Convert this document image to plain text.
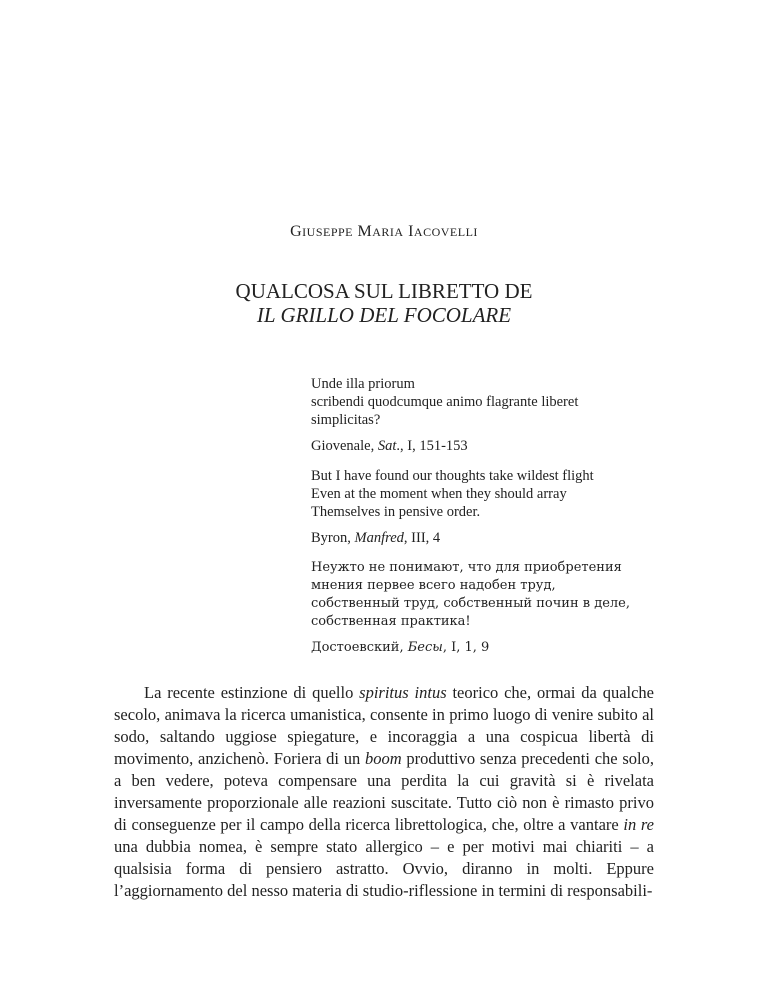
GIUSEPPE MARIA IACOVELLI
QUALCOSA SUL LIBRETTO DE
IL GRILLO DEL FOCOLARE
Unde illa priorum
scribendi quodcumque animo flagrante liberet
simplicitas?
Giovenale, Sat., I, 151-153
But I have found our thoughts take wildest flight
Even at the moment when they should array
Themselves in pensive order.
Byron, Manfred, III, 4
Неужто не понимают, что для приобретения
мнения первее всего надобен труд,
собственный труд, собственный почин в деле,
собственная практика!
Достоевский, Бесы, I, 1, 9

La recente estinzione di quello spiritus intus teorico che, ormai da qualche secolo, animava la ricerca umanistica, consente in primo luogo di venire subito al sodo, saltando uggiose spiegature, e incoraggia a una cospicua libertà di movimento, anzichenò. Foriera di un boom produttivo senza precedenti che solo, a ben vedere, poteva compensare una perdita la cui gravità si è rivelata inversamente proporzionale alle reazioni suscitate. Tutto ciò non è rimasto privo di conseguenze per il campo della ricerca librettologica, che, oltre a vantare in re una dubbia nomea, è sempre stato allergico – e per motivi mai chiariti – a qualsisia forma di pensiero astratto. Ovvio, diranno in molti. Eppure l’aggiornamento del nesso materia di studio-riflessione in termini di responsabili-
